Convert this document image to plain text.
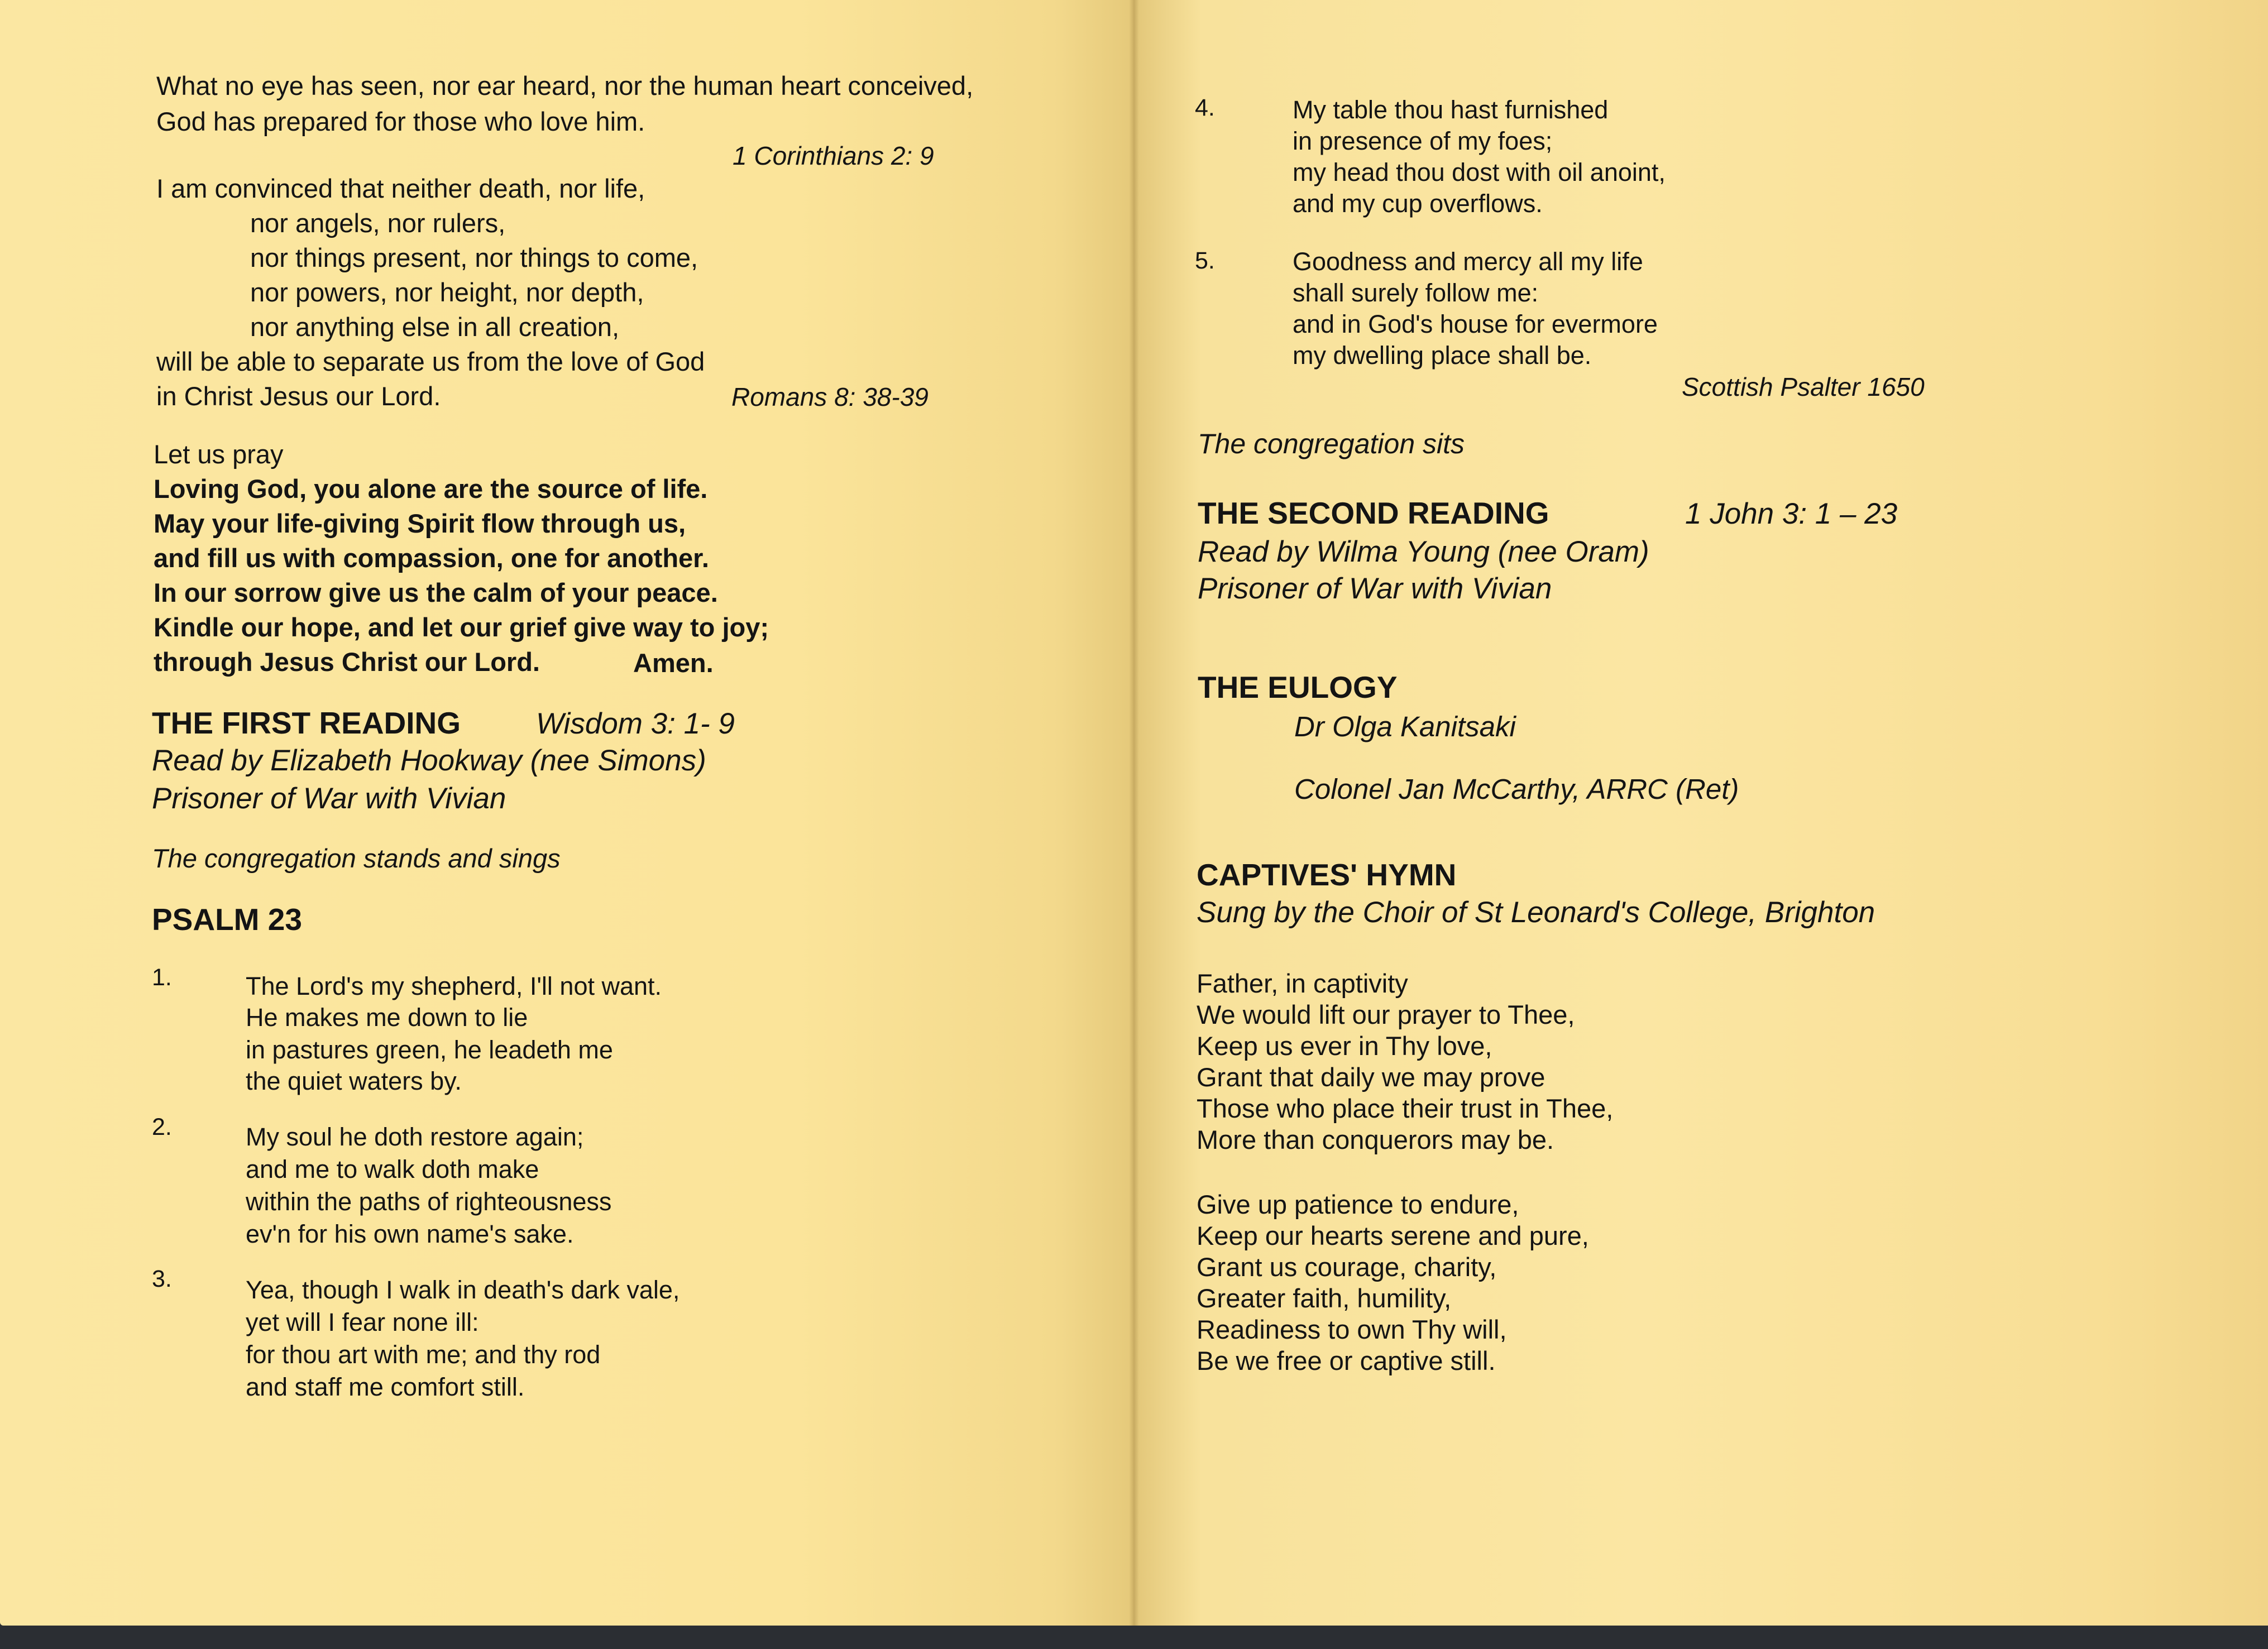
What no eye has seen, nor ear heard, nor the human heart conceived,
God has prepared for those who love him.
1 Corinthians 2: 9
I am convinced that neither death, nor life,
nor angels, nor rulers,
nor things present, nor things to come,
nor powers, nor height, nor depth,
nor anything else in all creation,
will be able to separate us from the love of God
in Christ Jesus our Lord.	Romans 8: 38-39
Let us pray
Loving God, you alone are the source of life.
May your life-giving Spirit flow through us,
and fill us with compassion, one for another.
In our sorrow give us the calm of your peace.
Kindle our hope, and let our grief give way to joy;
through Jesus Christ our Lord.	Amen.
THE FIRST READING	Wisdom 3: 1- 9
Read by Elizabeth Hookway (nee Simons)
Prisoner of War with Vivian
The congregation stands and sings
PSALM 23
1.	The Lord's my shepherd, I'll not want.
He makes me down to lie
in pastures green, he leadeth me
the quiet waters by.
2.	My soul he doth restore again;
and me to walk doth make
within the paths of righteousness
ev'n for his own name's sake.
3.	Yea, though I walk in death's dark vale,
yet will I fear none ill:
for thou art with me; and thy rod
and staff me comfort still.
4.	My table thou hast furnished
in presence of my foes;
my head thou dost with oil anoint,
and my cup overflows.
5.	Goodness and mercy all my life
shall surely follow me:
and in God's house for evermore
my dwelling place shall be.
Scottish Psalter 1650
The congregation sits
THE SECOND READING	1 John 3: 1 – 23
Read by Wilma Young (nee Oram)
Prisoner of War with Vivian
THE EULOGY
Dr Olga Kanitsaki
Colonel Jan McCarthy, ARRC (Ret)
CAPTIVES' HYMN
Sung by the Choir of St Leonard's College, Brighton
Father, in captivity
We would lift our prayer to Thee,
Keep us ever in Thy love,
Grant that daily we may prove
Those who place their trust in Thee,
More than conquerors may be.
Give up patience to endure,
Keep our hearts serene and pure,
Grant us courage, charity,
Greater faith, humility,
Readiness to own Thy will,
Be we free or captive still.
